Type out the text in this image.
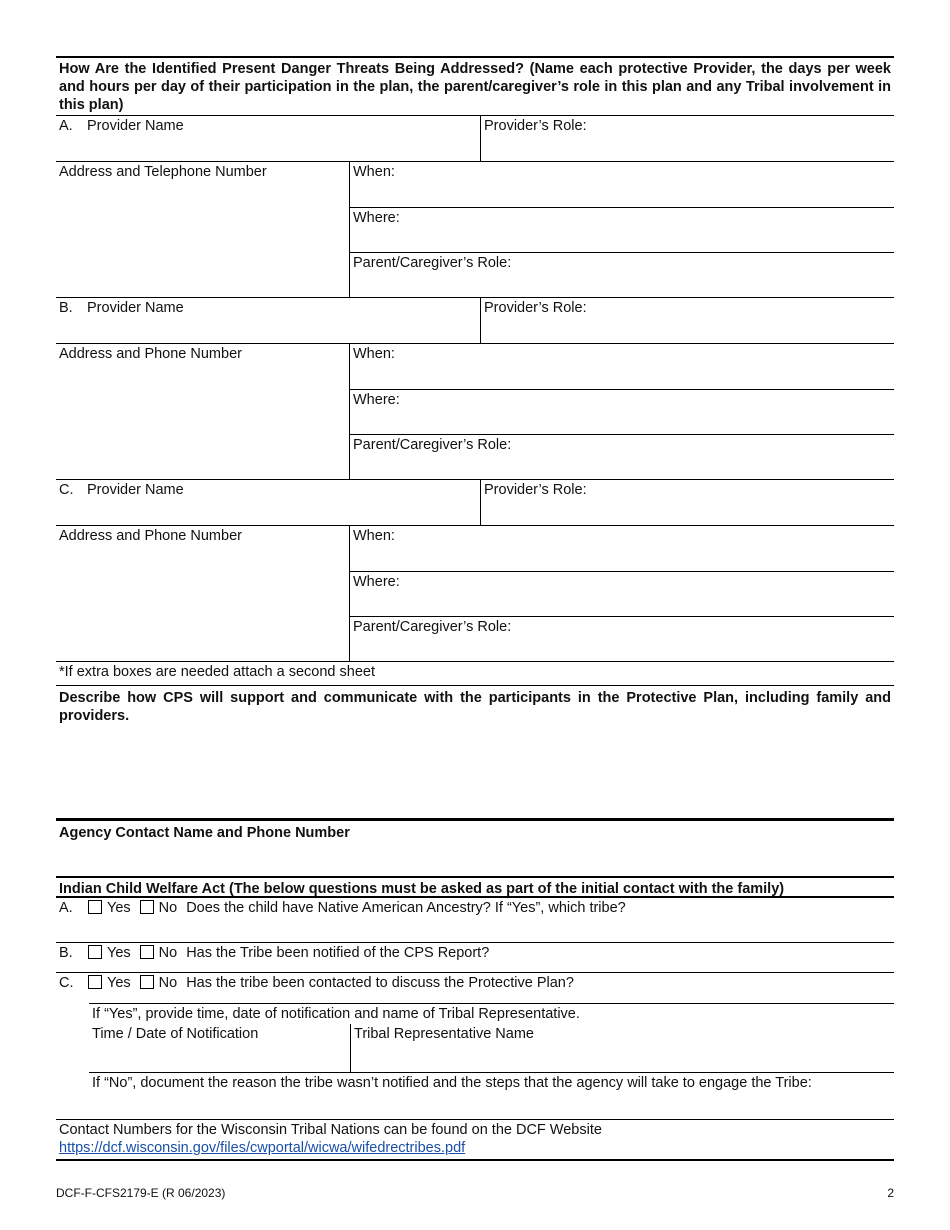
How Are the Identified Present Danger Threats Being Addressed? (Name each protective Provider, the days per week and hours per day of their participation in the plan, the parent/caregiver’s role in this plan and any Tribal involvement in this plan)
A. Provider Name	Provider’s Role:
Address and Telephone Number	When:
Where:
Parent/Caregiver’s Role:
B. Provider Name	Provider’s Role:
Address and Phone Number	When:
Where:
Parent/Caregiver’s Role:
C. Provider Name	Provider’s Role:
Address and Phone Number	When:
Where:
Parent/Caregiver’s Role:
*If extra boxes are needed attach a second sheet
Describe how CPS will support and communicate with the participants in the Protective Plan, including family and providers.
Agency Contact Name and Phone Number
Indian Child Welfare Act (The below questions must be asked as part of the initial contact with the family)
A.	Yes	No Does the child have Native American Ancestry? If “Yes”, which tribe?
B.	Yes	No Has the Tribe been notified of the CPS Report?
C.	Yes	No Has the tribe been contacted to discuss the Protective Plan?
If “Yes”, provide time, date of notification and name of Tribal Representative.
Time / Date of Notification	Tribal Representative Name
If “No”, document the reason the tribe wasn’t notified and the steps that the agency will take to engage the Tribe:
Contact Numbers for the Wisconsin Tribal Nations can be found on the DCF Website
https://dcf.wisconsin.gov/files/cwportal/wicwa/wifedrectribes.pdf
DCF-F-CFS2179-E (R 06/2023)	2
